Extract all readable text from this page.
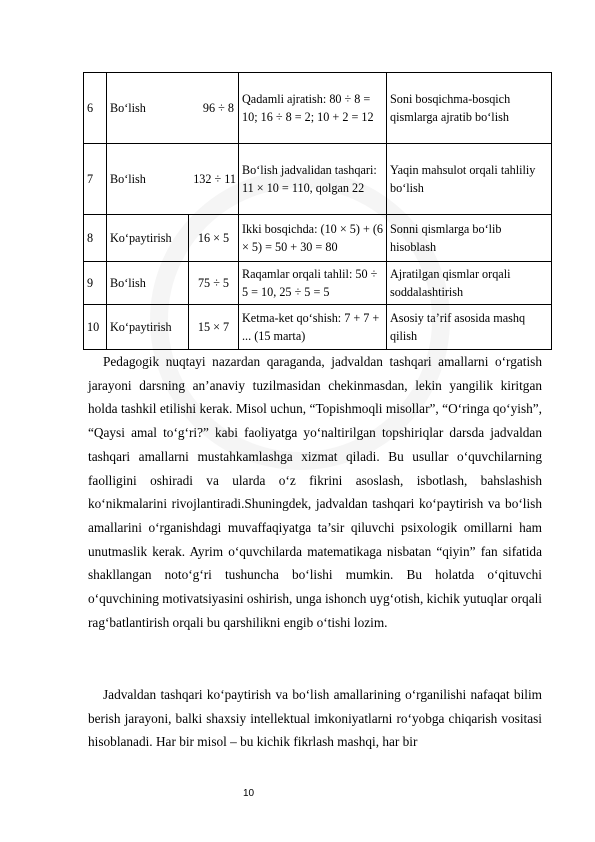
6	Bo‘lish	96 ÷ 8	Qadamli ajratish: 80 ÷ 8 = 10; 16 ÷ 8 = 2; 10 + 2 = 12	Soni bosqichma-bosqich qismlarga ajratib bo‘lish
7	Bo‘lish	132 ÷ 11	Bo‘lish jadvalidan tashqari: 11 × 10 = 110, qolgan 22	Yaqin mahsulot orqali tahliliy bo‘lish
8	Ko‘paytirish	16 × 5	Ikki bosqichda: (10 × 5) + (6 × 5) = 50 + 30 = 80	Sonni qismlarga bo‘lib hisoblash
9	Bo‘lish	75 ÷ 5	Raqamlar orqali tahlil: 50 ÷ 5 = 10, 25 ÷ 5 = 5	Ajratilgan qismlar orqali soddalashtirish
10	Ko‘paytirish	15 × 7	Ketma-ket qo‘shish: 7 + 7 + ... (15 marta)	Asosiy ta’rif asosida mashq qilish

Pedagogik nuqtayi nazardan qaraganda, jadvaldan tashqari amallarni o‘rgatish jarayoni darsning an’anaviy tuzilmasidan chekinmasdan, lekin yangilik kiritgan holda tashkil etilishi kerak. Misol uchun, “Topishmoqli misollar”, “O‘ringa qo‘yish”, “Qaysi amal to‘g‘ri?” kabi faoliyatga yo‘naltirilgan topshiriqlar darsda jadvaldan tashqari amallarni mustahkamlashga xizmat qiladi. Bu usullar o‘quvchilarning faolligini oshiradi va ularda o‘z fikrini asoslash, isbotlash, bahslashish ko‘nikmalarini rivojlantiradi.Shuningdek, jadvaldan tashqari ko‘paytirish va bo‘lish amallarini o‘rganishdagi muvaffaqiyatga ta’sir qiluvchi psixologik omillarni ham unutmaslik kerak. Ayrim o‘quvchilarda matematikaga nisbatan “qiyin” fan sifatida shakllangan noto‘g‘ri tushuncha bo‘lishi mumkin. Bu holatda o‘qituvchi o‘quvchining motivatsiyasini oshirish, unga ishonch uyg‘otish, kichik yutuqlar orqali rag‘batlantirish orqali bu qarshilikni engib o‘tishi lozim.

Jadvaldan tashqari ko‘paytirish va bo‘lish amallarining o‘rganilishi nafaqat bilim berish jarayoni, balki shaxsiy intellektual imkoniyatlarni ro‘yobga chiqarish vositasi hisoblanadi. Har bir misol – bu kichik fikrlash mashqi, har bir

10
